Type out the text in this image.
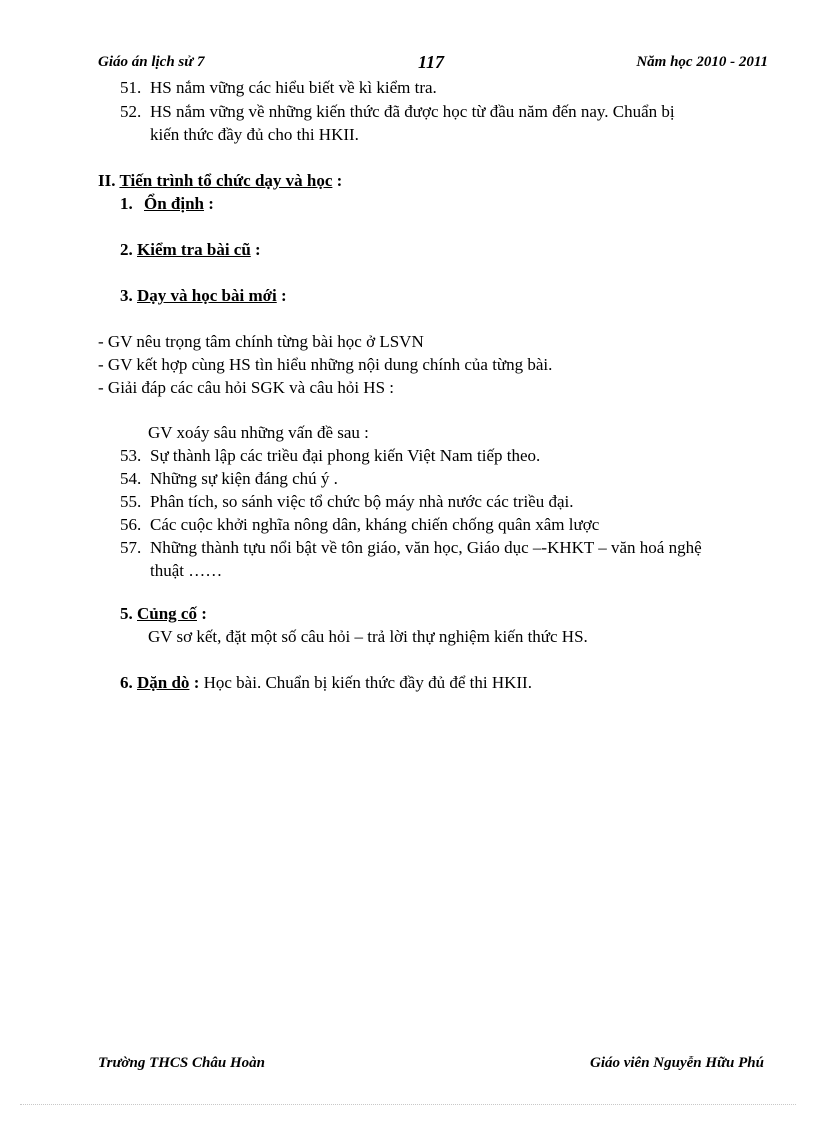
Giáo án lịch sử 7	117	Năm học 2010 - 2011
51. HS nắm vững các hiểu biết về kì kiểm tra.
52. HS nắm vững về những kiến thức đã được học từ đầu năm đến nay. Chuẩn bị
kiến thức đầy đủ cho thi HKII.
II. Tiến trình tổ chức dạy và học :
1. Ổn định :
2. Kiểm tra bài cũ :
3. Dạy và học bài mới :
- GV nêu trọng tâm chính từng bài học ở LSVN
- GV kết hợp cùng HS tìn hiểu những nội dung chính của từng bài.
- Giải đáp các câu hỏi SGK và câu hỏi HS :
GV xoáy sâu những vấn đề sau :
53. Sự thành lập các triều đại phong kiến Việt Nam tiếp theo.
54. Những sự kiện đáng chú ý .
55. Phân tích, so sánh việc tổ chức bộ máy nhà nước các triều đại.
56. Các cuộc khởi nghĩa nông dân, kháng chiến chống quân xâm lược
57. Những thành tựu nổi bật về tôn giáo, văn học, Giáo dục –-KHKT – văn hoá nghệ
thuật ……
5. Củng cố :
GV sơ kết, đặt một số câu hỏi – trả lời thự nghiệm kiến thức HS.
6. Dặn dò : Học bài. Chuẩn bị kiến thức đầy đủ để thi HKII.
Trường THCS Châu Hoàn	Giáo viên Nguyễn Hữu Phú
